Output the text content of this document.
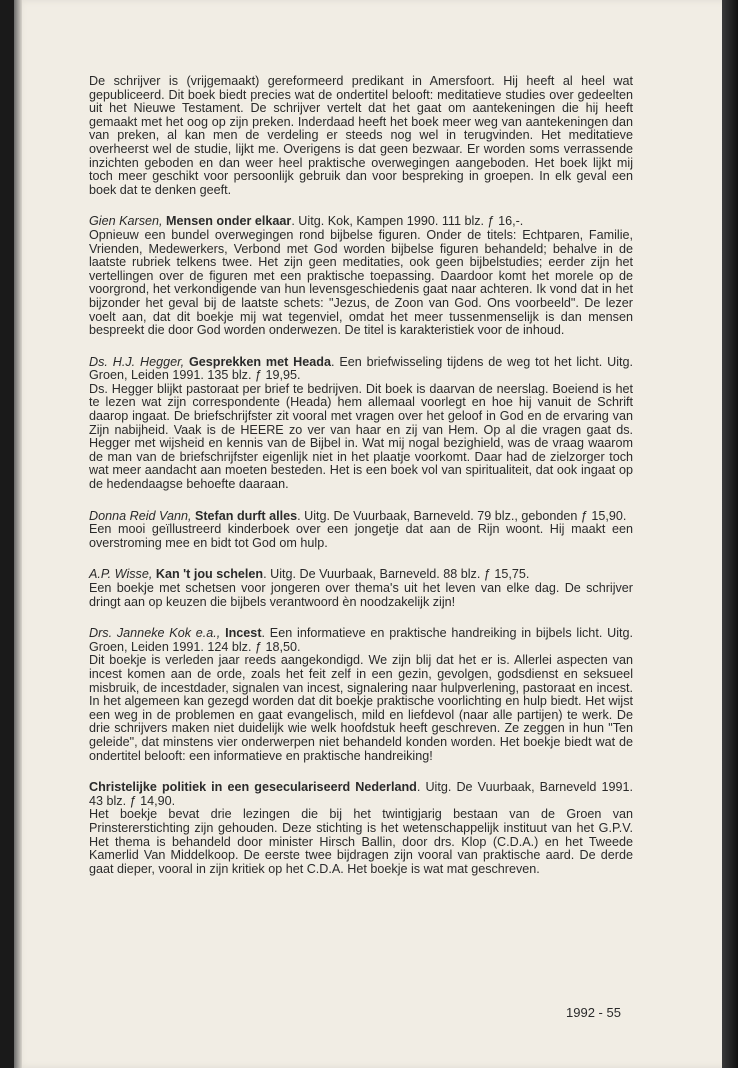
De schrijver is (vrijgemaakt) gereformeerd predikant in Amersfoort. Hij heeft al heel wat gepubliceerd. Dit boek biedt precies wat de ondertitel belooft: meditatieve studies over gedeelten uit het Nieuwe Testament. De schrijver vertelt dat het gaat om aantekeningen die hij heeft gemaakt met het oog op zijn preken. Inderdaad heeft het boek meer weg van aantekeningen dan van preken, al kan men de verdeling er steeds nog wel in terugvinden. Het meditatieve overheerst wel de studie, lijkt me. Overigens is dat geen bezwaar. Er worden soms verrassende inzichten geboden en dan weer heel praktische overwegingen aangeboden. Het boek lijkt mij toch meer geschikt voor persoonlijk gebruik dan voor bespreking in groepen. In elk geval een boek dat te denken geeft.

Gien Karsen, Mensen onder elkaar. Uitg. Kok, Kampen 1990. 111 blz. ƒ 16,-.

Opnieuw een bundel overwegingen rond bijbelse figuren. Onder de titels: Echtparen, Familie, Vrienden, Medewerkers, Verbond met God worden bijbelse figuren behandeld; behalve in de laatste rubriek telkens twee. Het zijn geen meditaties, ook geen bijbelstudies; eerder zijn het vertellingen over de figuren met een praktische toepassing. Daardoor komt het morele op de voorgrond, het verkondigende van hun levensgeschiedenis gaat naar achteren. Ik vond dat in het bijzonder het geval bij de laatste schets: "Jezus, de Zoon van God. Ons voorbeeld". De lezer voelt aan, dat dit boekje mij wat tegenviel, omdat het meer tussenmenselijk is dan mensen bespreekt die door God worden onderwezen. De titel is karakteristiek voor de inhoud.

Ds. H.J. Hegger, Gesprekken met Heada. Een briefwisseling tijdens de weg tot het licht. Uitg. Groen, Leiden 1991. 135 blz. ƒ 19,95.

Ds. Hegger blijkt pastoraat per brief te bedrijven. Dit boek is daarvan de neerslag. Boeiend is het te lezen wat zijn correspondente (Heada) hem allemaal voorlegt en hoe hij vanuit de Schrift daarop ingaat. De briefschrijfster zit vooral met vragen over het geloof in God en de ervaring van Zijn nabijheid. Vaak is de HEERE zo ver van haar en zij van Hem. Op al die vragen gaat ds. Hegger met wijsheid en kennis van de Bijbel in. Wat mij nogal bezighield, was de vraag waarom de man van de briefschrijfster eigenlijk niet in het plaatje voorkomt. Daar had de zielzorger toch wat meer aandacht aan moeten besteden. Het is een boek vol van spiritualiteit, dat ook ingaat op de hedendaagse behoefte daaraan.

Donna Reid Vann, Stefan durft alles. Uitg. De Vuurbaak, Barneveld. 79 blz., gebonden ƒ 15,90.

Een mooi geïllustreerd kinderboek over een jongetje dat aan de Rijn woont. Hij maakt een overstroming mee en bidt tot God om hulp.

A.P. Wisse, Kan 't jou schelen. Uitg. De Vuurbaak, Barneveld. 88 blz. ƒ 15,75.

Een boekje met schetsen voor jongeren over thema's uit het leven van elke dag. De schrijver dringt aan op keuzen die bijbels verantwoord èn noodzakelijk zijn!

Drs. Janneke Kok e.a., Incest. Een informatieve en praktische handreiking in bijbels licht. Uitg. Groen, Leiden 1991. 124 blz. ƒ 18,50.

Dit boekje is verleden jaar reeds aangekondigd. We zijn blij dat het er is. Allerlei aspecten van incest komen aan de orde, zoals het feit zelf in een gezin, gevolgen, godsdienst en seksueel misbruik, de incestdader, signalen van incest, signalering naar hulpverlening, pastoraat en incest. In het algemeen kan gezegd worden dat dit boekje praktische voorlichting en hulp biedt. Het wijst een weg in de problemen en gaat evangelisch, mild en liefdevol (naar alle partijen) te werk. De drie schrijvers maken niet duidelijk wie welk hoofdstuk heeft geschreven. Ze zeggen in hun "Ten geleide", dat minstens vier onderwerpen niet behandeld konden worden. Het boekje biedt wat de ondertitel belooft: een informatieve en praktische handreiking!

Christelijke politiek in een geseculariseerd Nederland. Uitg. De Vuurbaak, Barneveld 1991. 43 blz. ƒ 14,90.

Het boekje bevat drie lezingen die bij het twintigjarig bestaan van de Groen van Prinstererstichting zijn gehouden. Deze stichting is het wetenschappelijk instituut van het G.P.V. Het thema is behandeld door minister Hirsch Ballin, door drs. Klop (C.D.A.) en het Tweede Kamerlid Van Middelkoop. De eerste twee bijdragen zijn vooral van praktische aard. De derde gaat dieper, vooral in zijn kritiek op het C.D.A. Het boekje is wat mat geschreven.

1992 - 55
